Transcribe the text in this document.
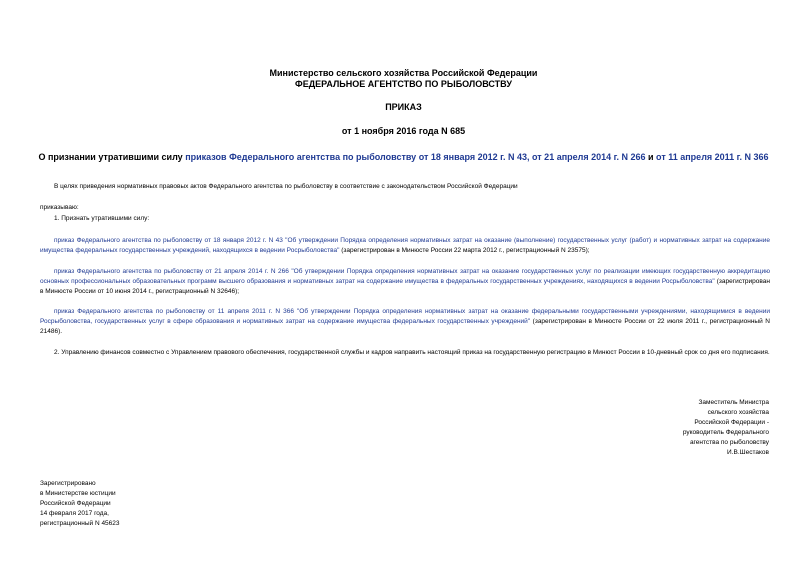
Министерство сельского хозяйства Российской Федерации
ФЕДЕРАЛЬНОЕ АГЕНТСТВО ПО РЫБОЛОВСТВУ
ПРИКАЗ
от 1 ноября 2016 года N 685
О признании утратившими силу приказов Федерального агентства по рыболовству от 18 января 2012 г. N 43, от 21 апреля 2014 г. N 266 и от 11 апреля 2011 г. N 366
В целях приведения нормативных правовых актов Федерального агентства по рыболовству в соответствие с законодательством Российской Федерации
приказываю:
1. Признать утратившими силу:
приказ Федерального агентства по рыболовству от 18 января 2012 г. N 43 "Об утверждении Порядка определения нормативных затрат на оказание (выполнение) государственных услуг (работ) и нормативных затрат на содержание имущества федеральных государственных учреждений, находящихся в ведении Росрыболовства" (зарегистрирован в Минюсте России 22 марта 2012 г., регистрационный N 23575);
приказ Федерального агентства по рыболовству от 21 апреля 2014 г. N 266 "Об утверждении Порядка определения нормативных затрат на оказание государственных услуг по реализации имеющих государственную аккредитацию основных профессиональных образовательных программ высшего образования и нормативных затрат на содержание имущества в федеральных государственных учреждениях, находящихся в ведении Росрыболовства" (зарегистрирован в Минюсте России от 10 июня 2014 г., регистрационный N 32646);
приказ Федерального агентства по рыболовству от 11 апреля 2011 г. N 366 "Об утверждении Порядка определения нормативных затрат на оказание федеральными государственными учреждениями, находящимися в ведении Росрыболовства, государственных услуг в сфере образования и нормативных затрат на содержание имущества федеральных государственных учреждений" (зарегистрирован в Минюсте России от 22 июля 2011 г., регистрационный N 21486).
2. Управлению финансов совместно с Управлением правового обеспечения, государственной службы и кадров направить настоящий приказ на государственную регистрацию в Минюст России в 10-дневный срок со дня его подписания.
Заместитель Министра
сельского хозяйства
Российской Федерации -
руководитель Федерального
агентства по рыболовству
И.В.Шестаков
Зарегистрировано
в Министерстве юстиции
Российской Федерации
14 февраля 2017 года,
регистрационный N 45623
